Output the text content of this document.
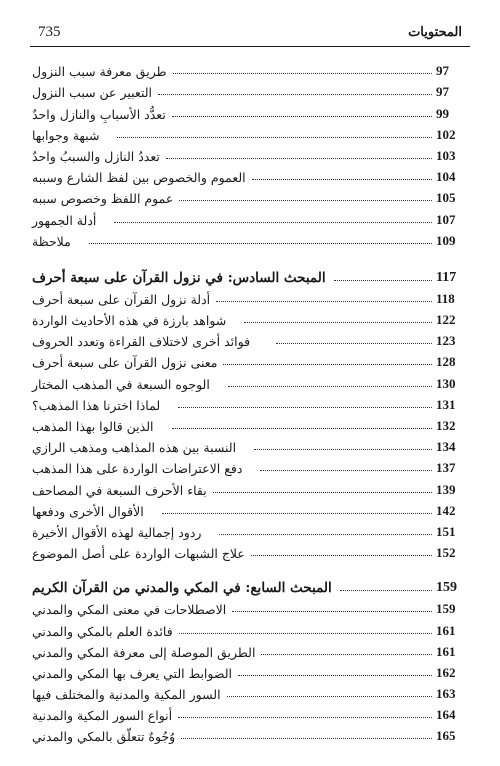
735	المحتويات
طريق معرفة سبب النزول	97
التعبير عن سبب النزول	97
تعدُّد الأسبابِ والنازل واحدٌ	99
شبهة وجوابها	102
تعددُ النازل والسببُ واحدٌ	103
العموم والخصوص بين لفظ الشارع وسببه	104
عموم اللفظ وخصوص سببه	105
أدلة الجمهور	107
ملاحظة	109
المبحث السادس: في نزول القرآن على سبعة أحرف	117
أدلة نزول القرآن على سبعة أحرف	118
شواهد بارزة في هذه الأحاديث الواردة	122
فوائد أخرى لاختلاف القراءة وتعدد الحروف	123
معنى نزول القرآن على سبعة أحرف	128
الوجوه السبعة في المذهب المختار	130
لماذا اخترنا هذا المذهب؟	131
الذين قالوا بهذا المذهب	132
النسبة بين هذه المذاهب ومذهب الرازي	134
دفع الاعتراضات الواردة على هذا المذهب	137
بقاء الأحرف السبعة في المصاحف	139
الأقوال الأخرى ودفعها	142
ردود إجمالية لهذه الأقوال الأخيرة	151
علاج الشبهات الواردة على أصل الموضوع	152
المبحث السابع: في المكي والمدني من القرآن الكريم	159
الاصطلاحات في معنى المكي والمدني	159
فائدة العلم بالمكي والمدني	161
الطريق الموصلة إلى معرفة المكي والمدني	161
الضوابط التي يعرف بها المكي والمدني	162
السور المكية والمدنية والمختلف فيها	163
أنواع السور المكية والمدنية	164
وُجُوهٌ تتعلّق بالمكي والمدني	165
